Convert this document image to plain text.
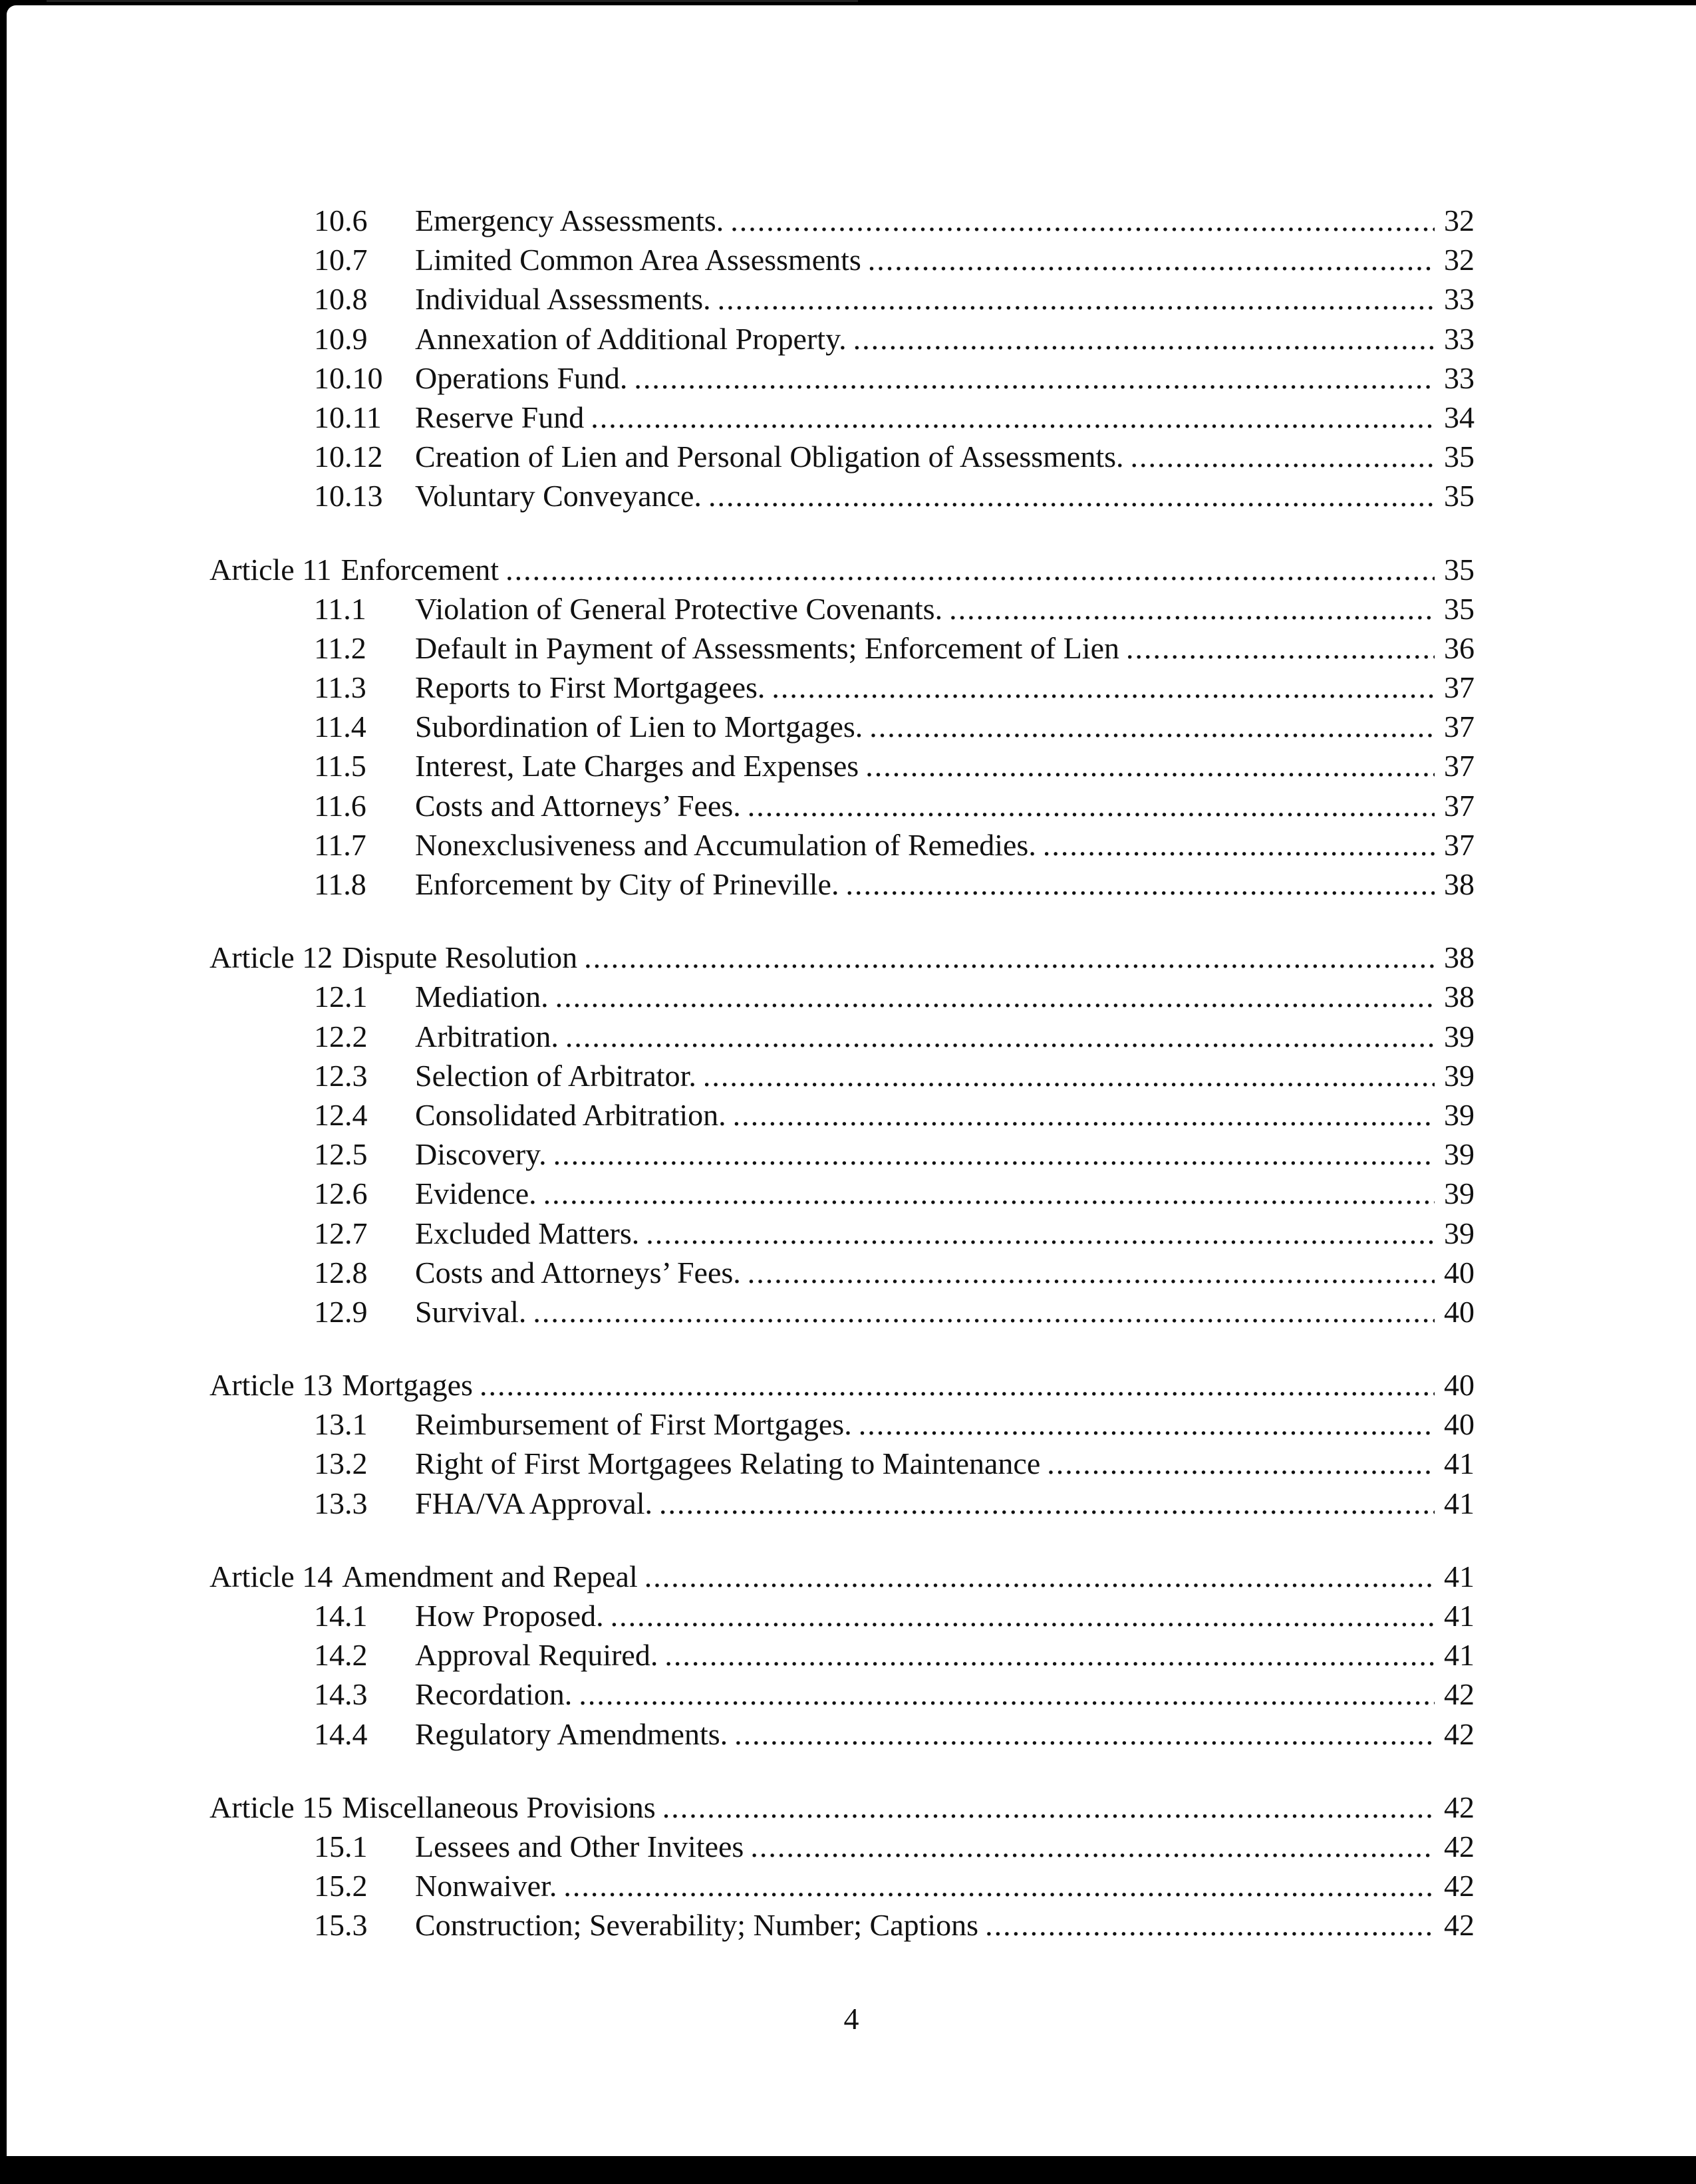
10.6	Emergency Assessments. .....	32
10.7	Limited Common Area Assessments .....	32
10.8	Individual Assessments. .....	33
10.9	Annexation of Additional Property. .....	33
10.10	Operations Fund. .....	33
10.11	Reserve Fund .....	34
10.12	Creation of Lien and Personal Obligation of Assessments. .....	35
10.13	Voluntary Conveyance. .....	35
Article 11 Enforcement .....	35
11.1	Violation of General Protective Covenants. .....	35
11.2	Default in Payment of Assessments; Enforcement of Lien .....	36
11.3	Reports to First Mortgagees. .....	37
11.4	Subordination of Lien to Mortgages. .....	37
11.5	Interest, Late Charges and Expenses .....	37
11.6	Costs and Attorneys’ Fees. .....	37
11.7	Nonexclusiveness and Accumulation of Remedies. .....	37
11.8	Enforcement by City of Prineville. .....	38
Article 12 Dispute Resolution .....	38
12.1	Mediation. .....	38
12.2	Arbitration. .....	39
12.3	Selection of Arbitrator. .....	39
12.4	Consolidated Arbitration. .....	39
12.5	Discovery. .....	39
12.6	Evidence. .....	39
12.7	Excluded Matters. .....	39
12.8	Costs and Attorneys’ Fees. .....	40
12.9	Survival. .....	40
Article 13 Mortgages .....	40
13.1	Reimbursement of First Mortgages. .....	40
13.2	Right of First Mortgagees Relating to Maintenance .....	41
13.3	FHA/VA Approval. .....	41
Article 14 Amendment and Repeal .....	41
14.1	How Proposed. .....	41
14.2	Approval Required. .....	41
14.3	Recordation. .....	42
14.4	Regulatory Amendments. .....	42
Article 15 Miscellaneous Provisions .....	42
15.1	Lessees and Other Invitees .....	42
15.2	Nonwaiver. .....	42
15.3	Construction; Severability; Number; Captions .....	42
4
